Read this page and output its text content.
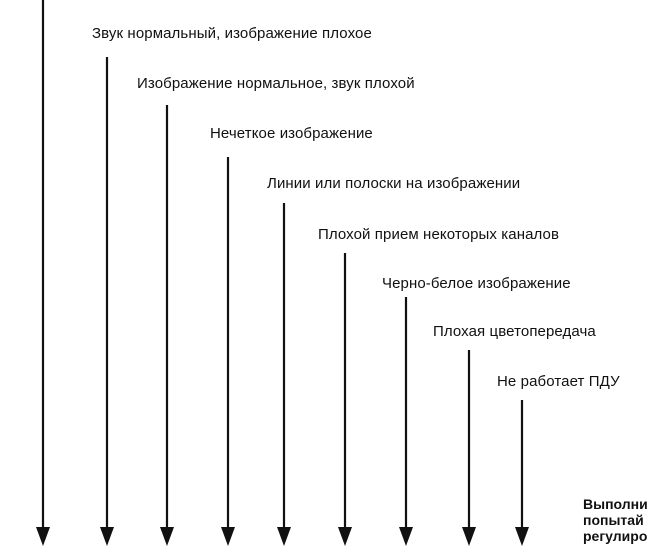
Звук нормальный, изображение плохое
Изображение нормальное, звук плохой
Нечеткое изображение
Линии или полоски на изображении
Плохой прием некоторых каналов
Черно-белое изображение
Плохая цветопередача
Не работает ПДУ
Выполни
попытай
регулиро
